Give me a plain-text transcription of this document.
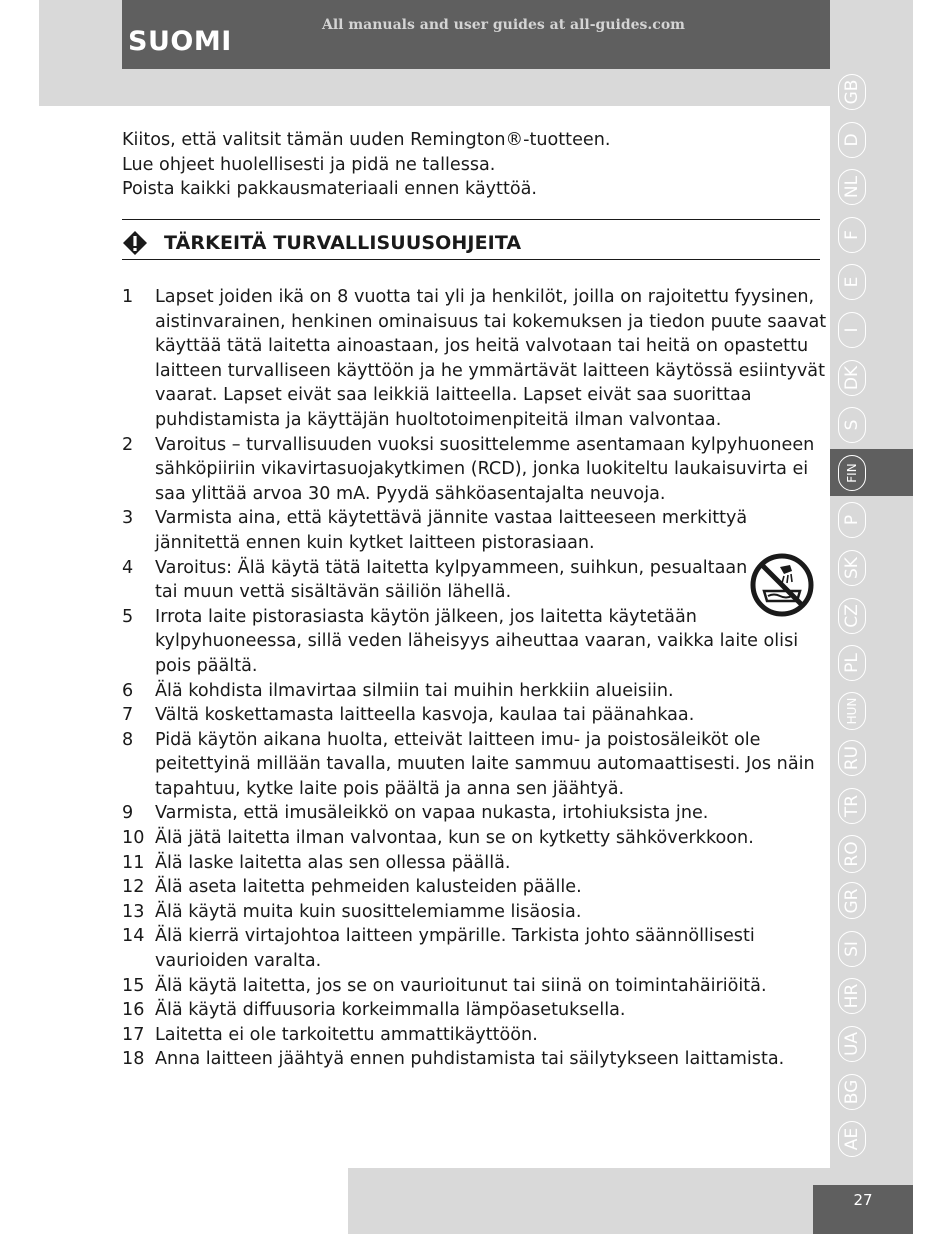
SUOMI
All manuals and user guides at all-guides.com
GB
D
NL
F
E
I
DK
S
FIN
P
SK
CZ
PL
HUN
RU
TR
RO
GR
SI
HR
UA
BG
AE
Kiitos, että valitsit tämän uuden Remington®-tuotteen.
Lue ohjeet huolellisesti ja pidä ne tallessa.
Poista kaikki pakkausmateriaali ennen käyttöä.
TÄRKEITÄ TURVALLISUUSOHJEITA
1	Lapset joiden ikä on 8 vuotta tai yli ja henkilöt, joilla on rajoitettu fyysinen,
aistinvarainen, henkinen ominaisuus tai kokemuksen ja tiedon puute saavat
käyttää tätä laitetta ainoastaan, jos heitä valvotaan tai heitä on opastettu
laitteen turvalliseen käyttöön ja he ymmärtävät laitteen käytössä esiintyvät
vaarat. Lapset eivät saa leikkiä laitteella. Lapset eivät saa suorittaa
puhdistamista ja käyttäjän huoltotoimenpiteitä ilman valvontaa.
2	Varoitus – turvallisuuden vuoksi suosittelemme asentamaan kylpyhuoneen
sähköpiiriin vikavirtasuojakytkimen (RCD), jonka luokiteltu laukaisuvirta ei
saa ylittää arvoa 30 mA. Pyydä sähköasentajalta neuvoja.
3	Varmista aina, että käytettävä jännite vastaa laitteeseen merkittyä
jännitettä ennen kuin kytket laitteen pistorasiaan.
4	Varoitus: Älä käytä tätä laitetta kylpyammeen, suihkun, pesualtaan
tai muun vettä sisältävän säiliön lähellä.
5	Irrota laite pistorasiasta käytön jälkeen, jos laitetta käytetään
kylpyhuoneessa, sillä veden läheisyys aiheuttaa vaaran, vaikka laite olisi
pois päältä.
6	Älä kohdista ilmavirtaa silmiin tai muihin herkkiin alueisiin.
7	Vältä koskettamasta laitteella kasvoja, kaulaa tai päänahkaa.
8	Pidä käytön aikana huolta, etteivät laitteen imu- ja poistosäleiköt ole
peitettyinä millään tavalla, muuten laite sammuu automaattisesti. Jos näin
tapahtuu, kytke laite pois päältä ja anna sen jäähtyä.
9	Varmista, että imusäleikkö on vapaa nukasta, irtohiuksista jne.
10 Älä jätä laitetta ilman valvontaa, kun se on kytketty sähköverkkoon.
11 Älä laske laitetta alas sen ollessa päällä.
12 Älä aseta laitetta pehmeiden kalusteiden päälle.
13 Älä käytä muita kuin suosittelemiamme lisäosia.
14 Älä kierrä virtajohtoa laitteen ympärille. Tarkista johto säännöllisesti
vaurioiden varalta.
15 Älä käytä laitetta, jos se on vaurioitunut tai siinä on toimintahäiriöitä.
16 Älä käytä diffuusoria korkeimmalla lämpöasetuksella.
17 Laitetta ei ole tarkoitettu ammattikäyttöön.
18 Anna laitteen jäähtyä ennen puhdistamista tai säilytykseen laittamista.
27
